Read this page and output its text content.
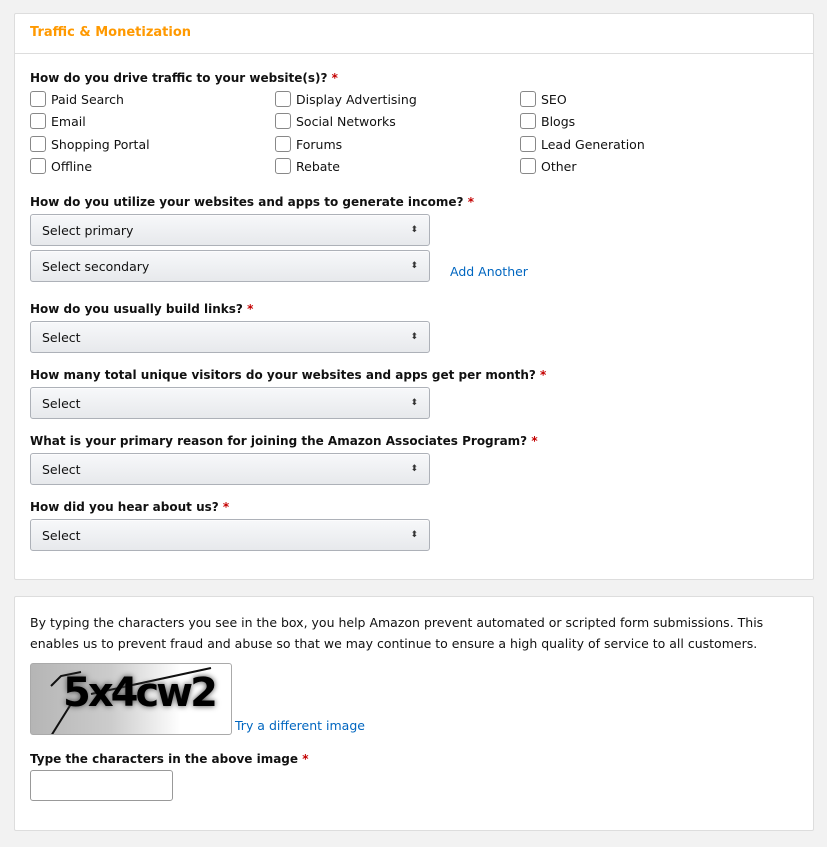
Traffic & Monetization
How do you drive traffic to your website(s)? *
Paid Search
Email
Shopping Portal
Offline
Display Advertising
Social Networks
Forums
Rebate
SEO
Blogs
Lead Generation
Other
How do you utilize your websites and apps to generate income? *
Select primary	⬍
Select secondary	⬍	Add Another
How do you usually build links? *
Select	⬍
How many total unique visitors do your websites and apps get per month? *
Select	⬍
What is your primary reason for joining the Amazon Associates Program? *
Select	⬍
How did you hear about us? *
Select	⬍
By typing the characters you see in the box, you help Amazon prevent automated or scripted form submissions. This enables us to prevent fraud and abuse so that we may continue to ensure a high quality of service to all customers.
5x4cw2
Try a different image
Type the characters in the above image *
